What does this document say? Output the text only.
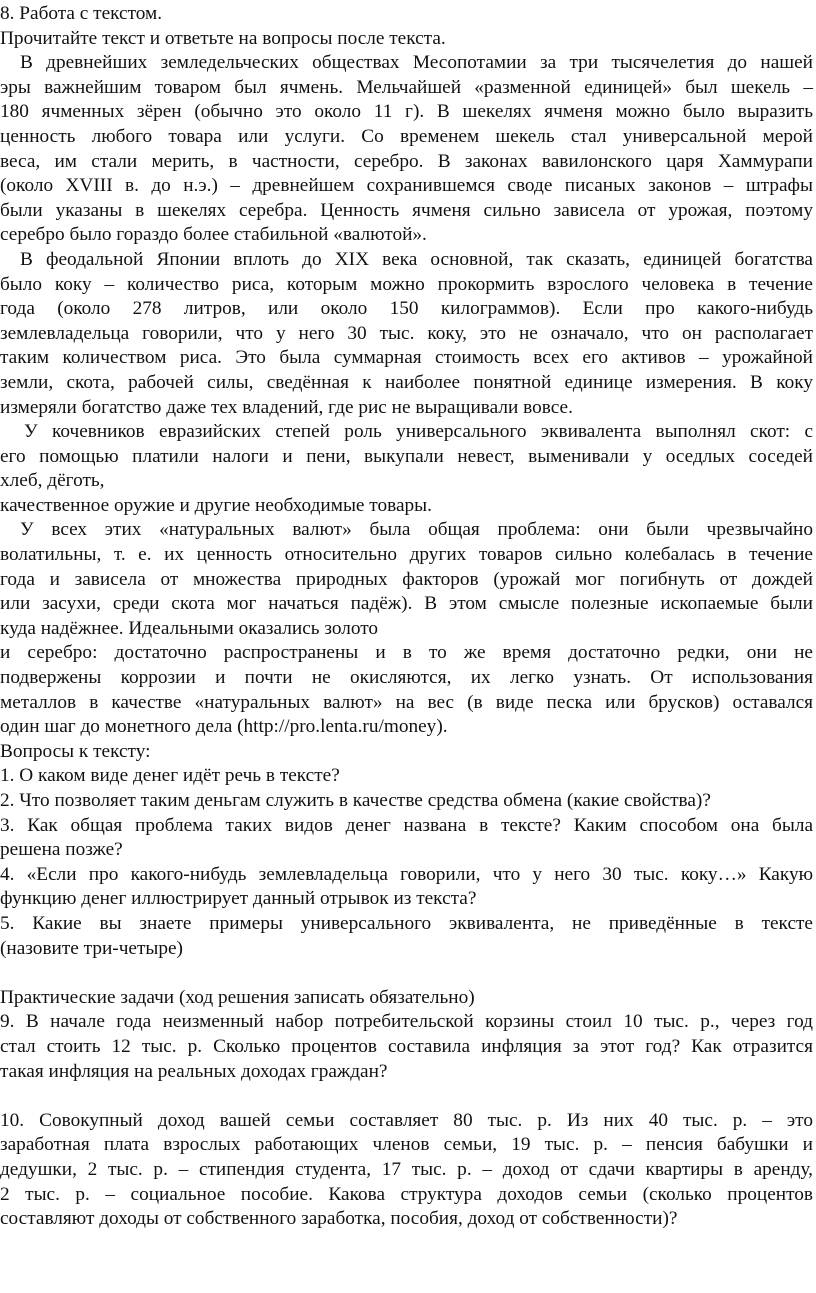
8. Работа с текстом.
Прочитайте текст и ответьте на вопросы после текста.
В древнейших земледельческих обществах Месопотамии за три тысячелетия до нашей
эры важнейшим товаром был ячмень. Мельчайшей «разменной единицей» был шекель –
180 ячменных зёрен (обычно это около 11 г). В шекелях ячменя можно было выразить
ценность любого товара или услуги. Со временем шекель стал универсальной мерой
веса, им стали мерить, в частности, серебро. В законах вавилонского царя Хаммурапи
(около XVIII в. до н.э.) – древнейшем сохранившемся своде писаных законов – штрафы
были указаны в шекелях серебра. Ценность ячменя сильно зависела от урожая, поэтому
серебро было гораздо более стабильной «валютой».
В феодальной Японии вплоть до XIX века основной, так сказать, единицей богатства
было коку – количество риса, которым можно прокормить взрослого человека в течение
года (около 278 литров, или около 150 килограммов). Если про какого-нибудь
землевладельца говорили, что у него 30 тыс. коку, это не означало, что он располагает
таким количеством риса. Это была суммарная стоимость всех его активов – урожайной
земли, скота, рабочей силы, сведённая к наиболее понятной единице измерения. В коку
измеряли богатство даже тех владений, где рис не выращивали вовсе.
У кочевников евразийских степей роль универсального эквивалента выполнял скот: с
его помощью платили налоги и пени, выкупали невест, выменивали у оседлых соседей
хлеб, дёготь,
качественное оружие и другие необходимые товары.
У всех этих «натуральных валют» была общая проблема: они были чрезвычайно
волатильны, т. е. их ценность относительно других товаров сильно колебалась в течение
года и зависела от множества природных факторов (урожай мог погибнуть от дождей
или засухи, среди скота мог начаться падёж). В этом смысле полезные ископаемые были
куда надёжнее. Идеальными оказались золото
и серебро: достаточно распространены и в то же время достаточно редки, они не
подвержены коррозии и почти не окисляются, их легко узнать. От использования
металлов в качестве «натуральных валют» на вес (в виде песка или брусков) оставался
один шаг до монетного дела (http://pro.lenta.ru/money).
Вопросы к тексту:
1. О каком виде денег идёт речь в тексте?
2. Что позволяет таким деньгам служить в качестве средства обмена (какие свойства)?
3. Как общая проблема таких видов денег названа в тексте? Каким способом она была
решена позже?
4. «Если про какого-нибудь землевладельца говорили, что у него 30 тыс. коку…» Какую
функцию денег иллюстрирует данный отрывок из текста?
5. Какие вы знаете примеры универсального эквивалента, не приведённые в тексте
(назовите три-четыре)
Практические задачи (ход решения записать обязательно)
9. В начале года неизменный набор потребительской корзины стоил 10 тыс. р., через год
стал стоить 12 тыс. р. Сколько процентов составила инфляция за этот год? Как отразится
такая инфляция на реальных доходах граждан?
10. Совокупный доход вашей семьи составляет 80 тыс. р. Из них 40 тыс. р. – это
заработная плата взрослых работающих членов семьи, 19 тыс. р. – пенсия бабушки и
дедушки, 2 тыс. р. – стипендия студента, 17 тыс. р. – доход от сдачи квартиры в аренду,
2 тыс. р. – социальное пособие. Какова структура доходов семьи (сколько процентов
составляют доходы от собственного заработка, пособия, доход от собственности)?
